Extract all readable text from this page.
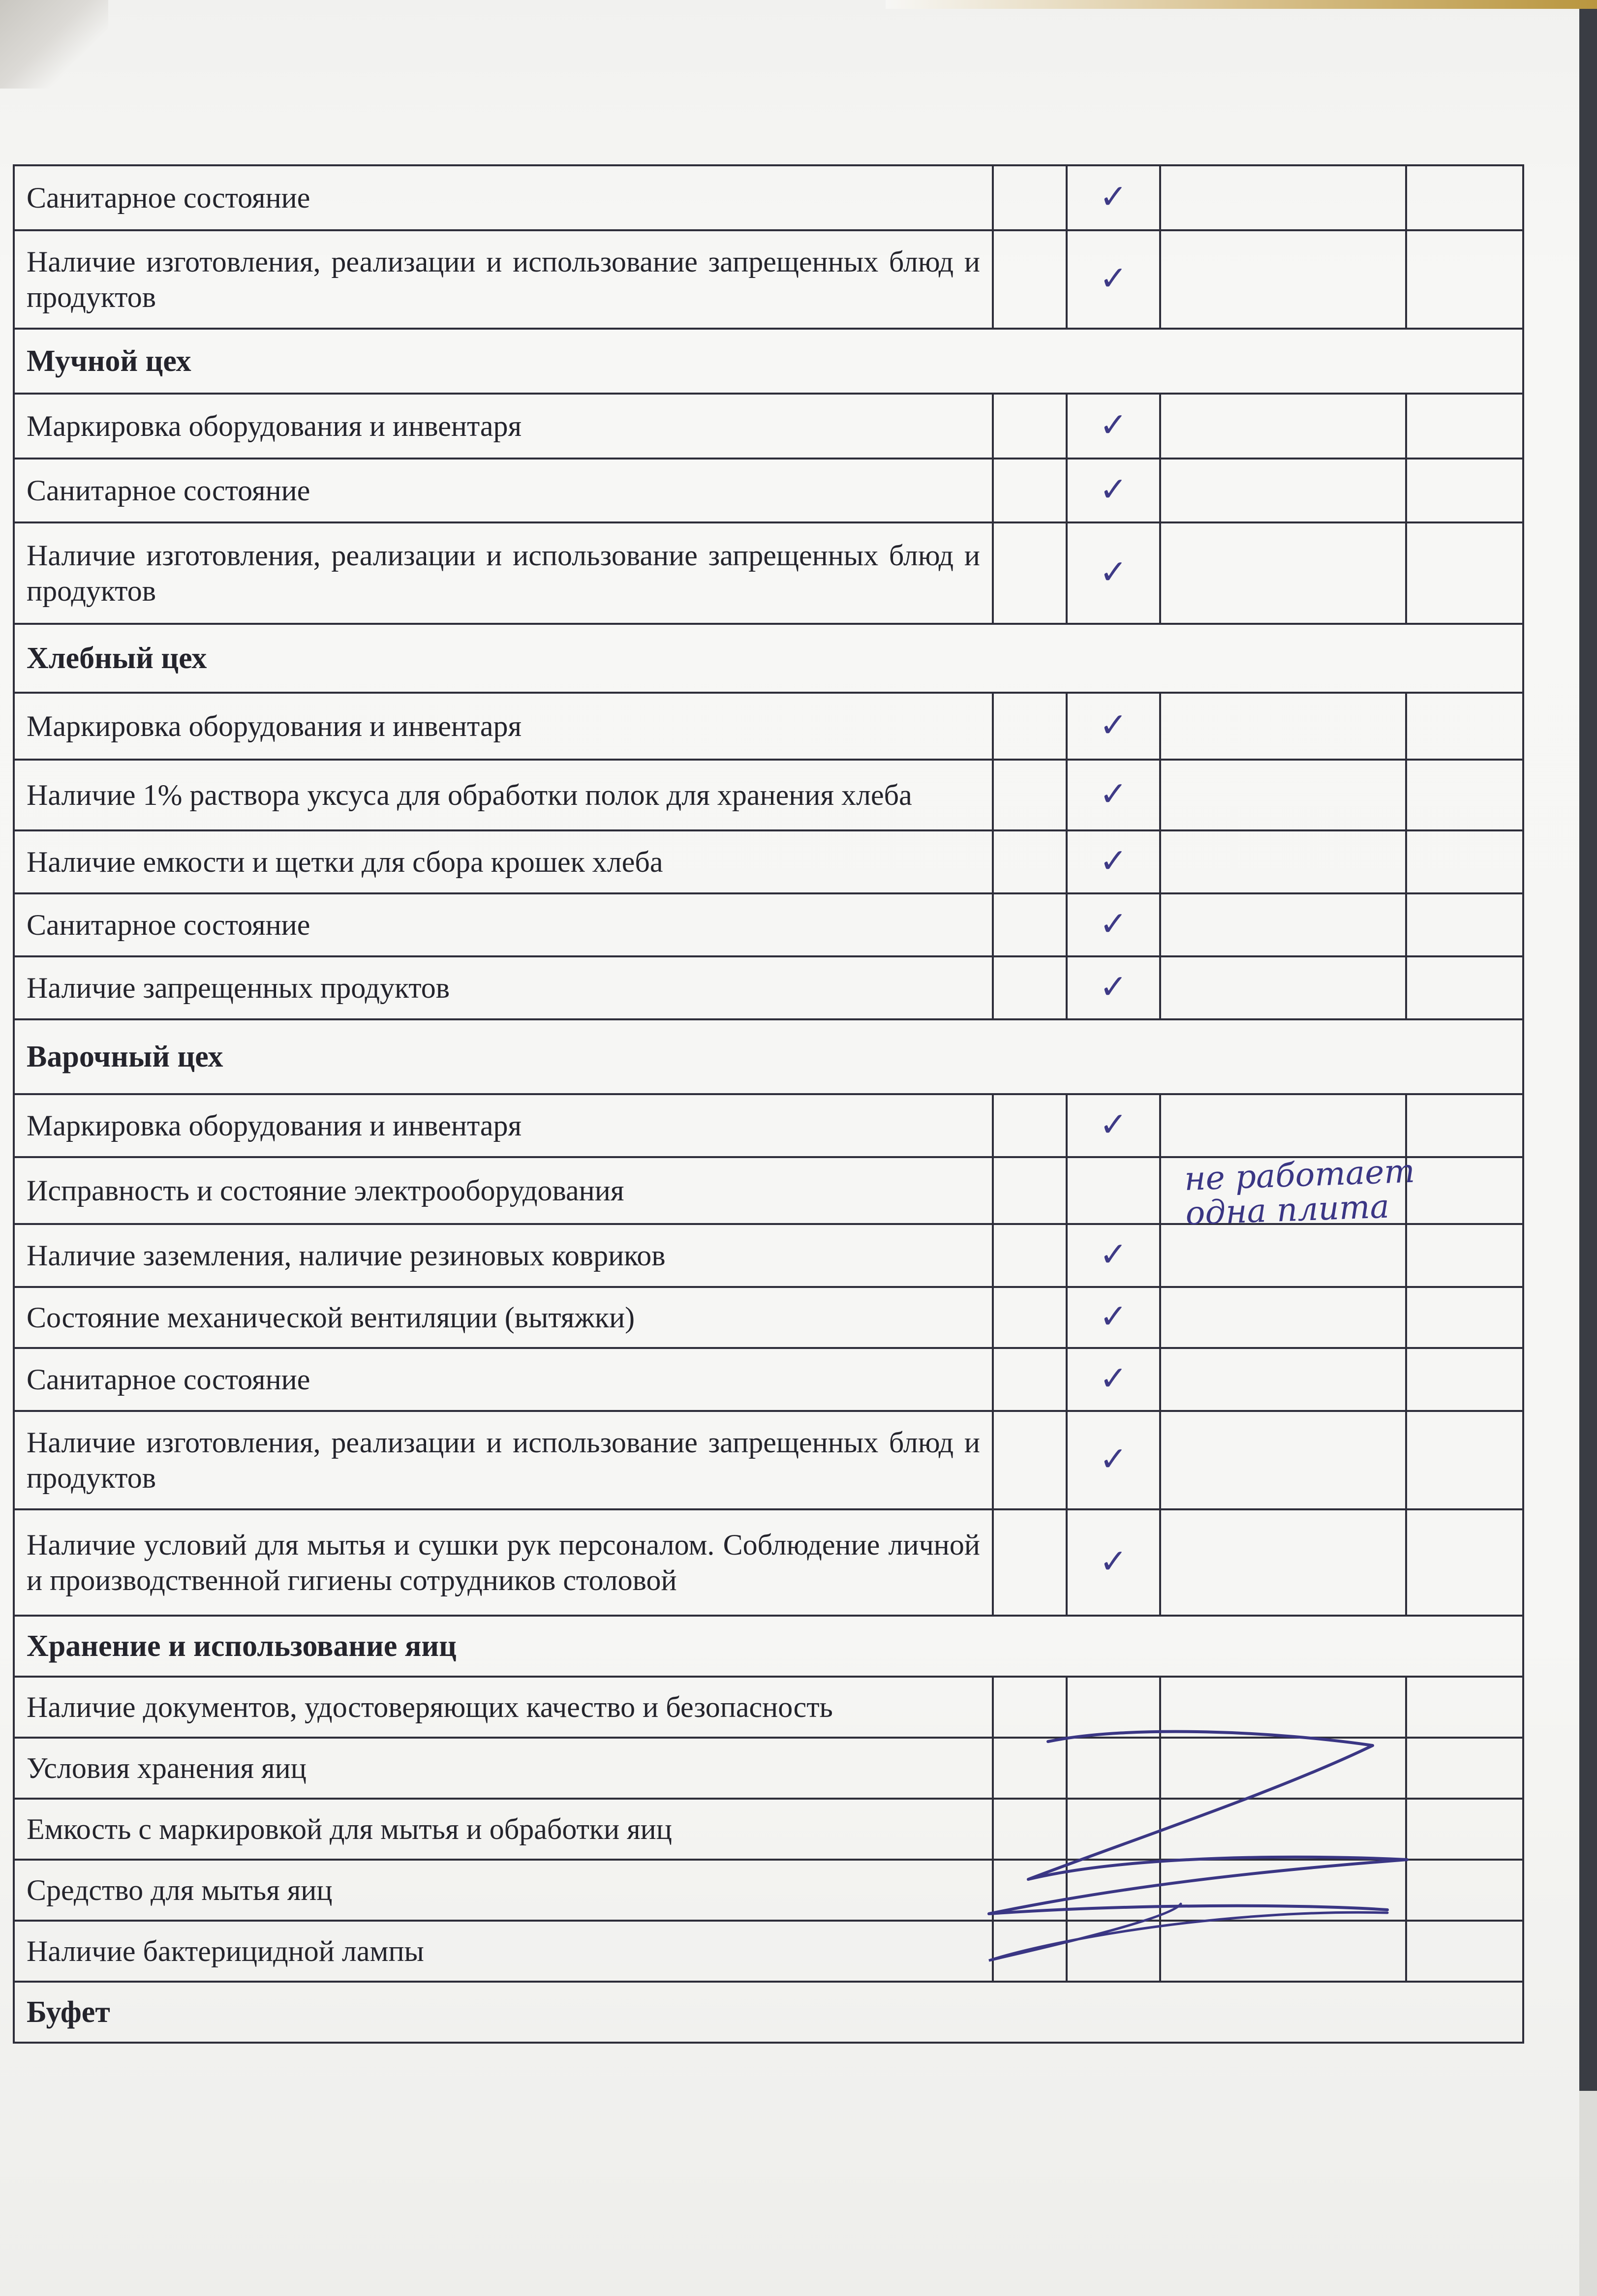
Санитарное состояние		✓		
Наличие изготовления, реализации и использование запрещенных блюд и продуктов		✓		
Мучной цех				
Маркировка оборудования и инвентаря		✓		
Санитарное состояние		✓		
Наличие изготовления, реализации и использование запрещенных блюд и продуктов		✓		
Хлебный цех				
Маркировка оборудования и инвентаря		✓		
Наличие 1% раствора уксуса для обработки полок для хранения хлеба		✓		
Наличие емкости и щетки для сбора крошек хлеба		✓		
Санитарное состояние		✓		
Наличие запрещенных продуктов		✓		
Варочный цех				
Маркировка оборудования и инвентаря		✓		
Исправность и состояние электрооборудования			не работает
одна плита	

Наличие заземления, наличие резиновых ковриков		✓		
Состояние механической вентиляции (вытяжки)		✓		
Санитарное состояние		✓		
Наличие изготовления, реализации и использование запрещенных блюд и продуктов		✓		
Наличие условий для мытья и сушки рук персоналом. Соблюдение личной и производственной гигиены сотрудников столовой		✓		
Хранение и использование яиц				
Наличие документов, удостоверяющих качество и безопасность				
Условия хранения яиц				
Емкость с маркировкой для мытья и обработки яиц				
Средство для мытья яиц				
Наличие бактерицидной лампы				
Буфет				
